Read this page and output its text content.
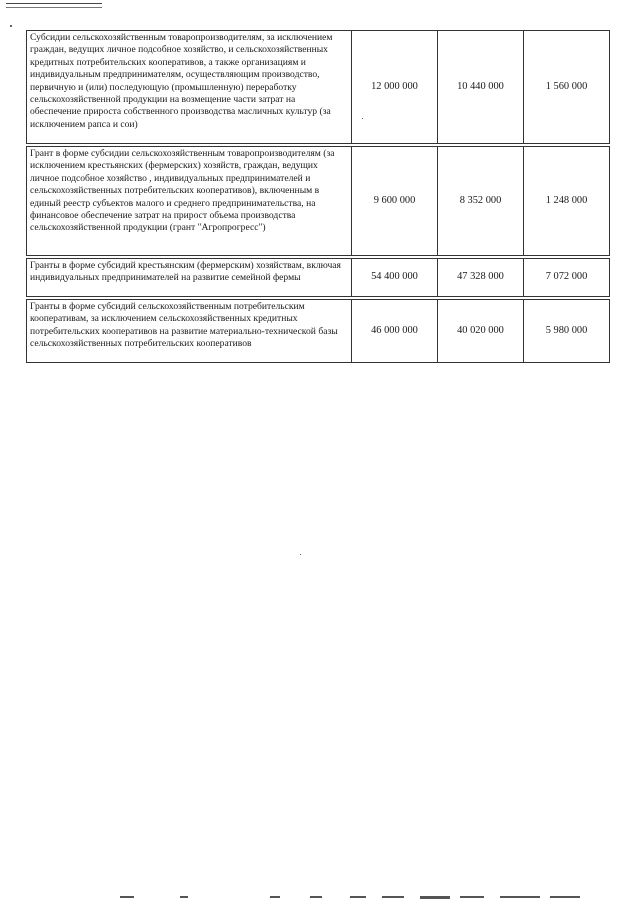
Субсидии сельскохозяйственным товаропроизводителям, за исключением граждан, ведущих личное подсобное хозяйство, и сельскохозяйственных кредитных потребительских кооперативов, а также организациям и индивидуальным предпринимателям, осуществляющим производство, первичную и (или) последующую (промышленную) переработку сельскохозяйственной продукции на возмещение части затрат на обеспечение прироста собственного производства масличных культур (за исключением рапса и сои)	12 000 000	10 440 000	1 560 000

Грант в форме субсидии сельскохозяйственным товаропроизводителям (за исключением крестьянских (фермерских) хозяйств, граждан, ведущих личное подсобное хозяйство , индивидуальных предпринимателей и сельскохозяйственных потребительских кооперативов), включенным в единый реестр субъектов малого и среднего предпринимательства, на финансовое обеспечение затрат на прирост объема производства сельскохозяйственной продукции (грант "Агропрогресс")	9 600 000	8 352 000	1 248 000

Гранты в форме субсидий крестьянским (фермерским) хозяйствам, включая индивидуальных предпринимателей на развитие семейной фермы	54 400 000	47 328 000	7 072 000

Гранты в форме субсидий сельскохозяйственным потребительским кооперативам, за исключением сельскохозяйственных кредитных потребительских кооперативов на развитие материально-технической базы сельскохозяйственных потребительских кооперативов	46 000 000	40 020 000	5 980 000
